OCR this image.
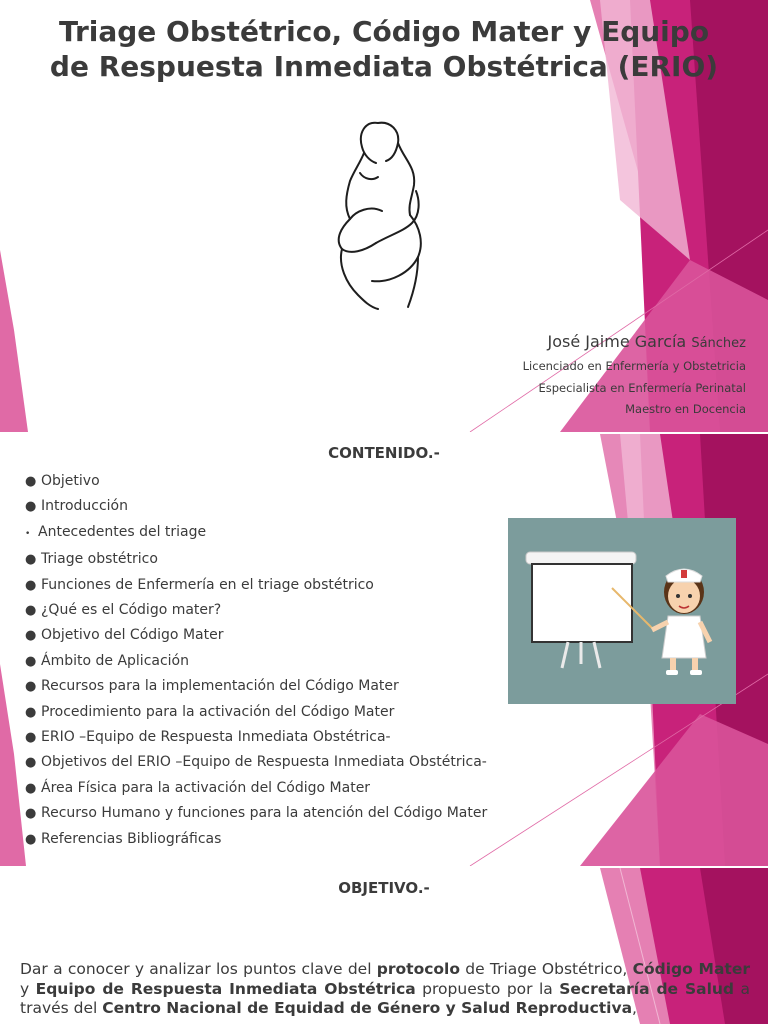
Triage Obstétrico, Código Mater y Equipo
de Respuesta Inmediata Obstétrica (ERIO)
José Jaime García Sánchez
Licenciado en Enfermería y Obstetricia
Especialista en Enfermería Perinatal
Maestro en Docencia
CONTENIDO.-
● Objetivo
● Introducción
• Antecedentes del triage
● Triage obstétrico
● Funciones de Enfermería en el triage obstétrico
● ¿Qué es el Código mater?
● Objetivo del Código Mater
● Ámbito de Aplicación
● Recursos para la implementación del Código Mater
● Procedimiento para la activación del Código Mater
● ERIO –Equipo de Respuesta Inmediata Obstétrica-
● Objetivos del ERIO –Equipo de Respuesta Inmediata Obstétrica-
● Área Física para la activación del Código Mater
● Recurso Humano y funciones para la atención del Código Mater
● Referencias Bibliográficas
OBJETIVO.-

Dar a conocer y analizar los puntos clave del protocolo de Triage Obstétrico, Código Mater y Equipo de Respuesta Inmediata Obstétrica propuesto por la Secretaría de Salud a través del Centro Nacional de Equidad de Género y Salud Reproductiva,
